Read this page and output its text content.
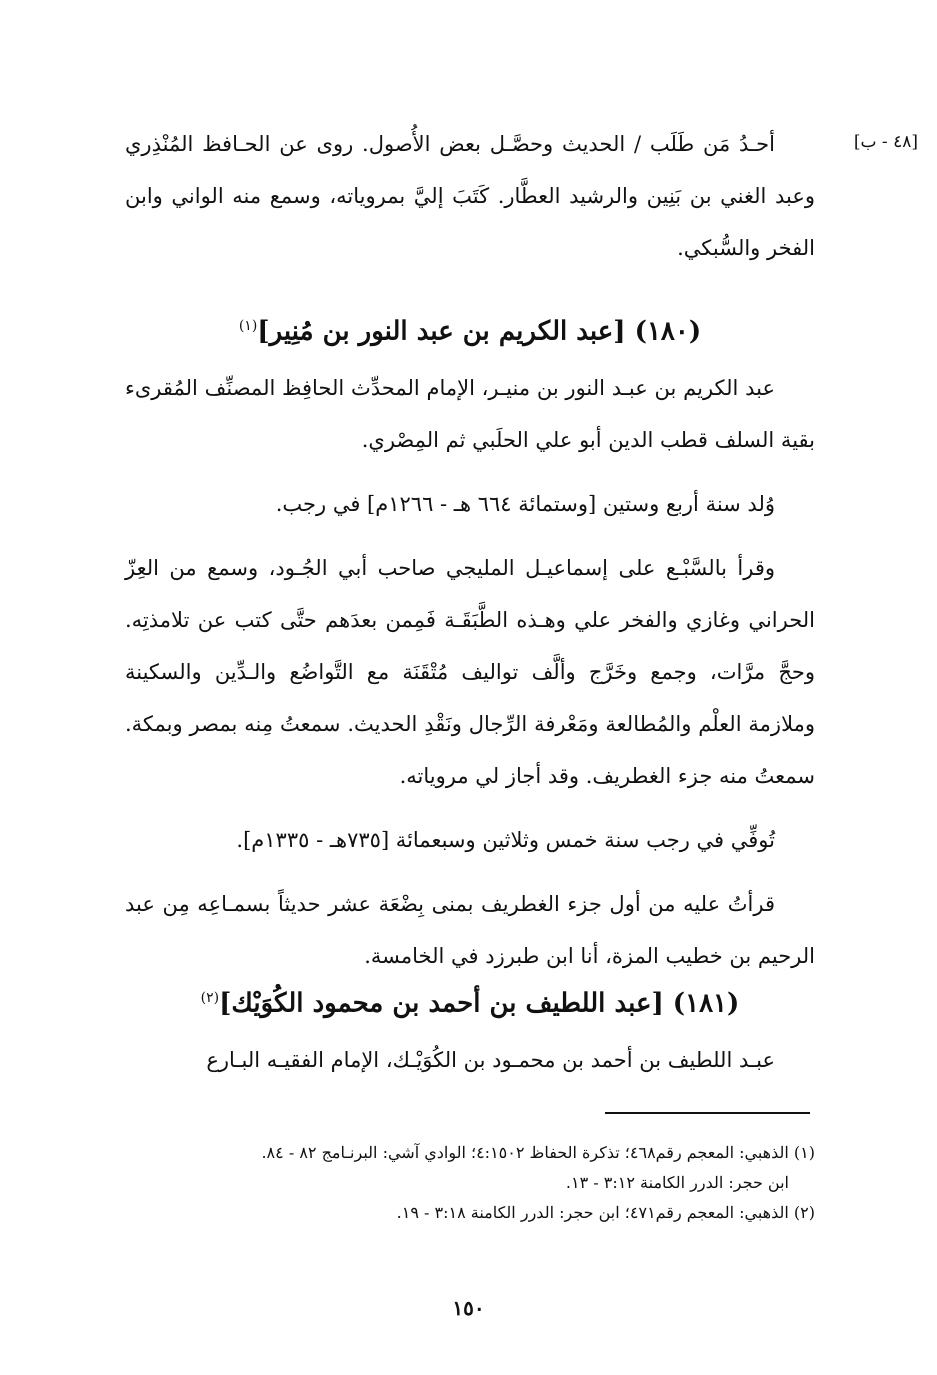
[٤٨ - ب]

أحـدُ مَن طَلَب / الحديث وحصَّـل بعض الأُصول. روى عن الحـافظ المُنْذِري وعبد الغني بن بَنِين والرشيد العطَّار. كَتَبَ إليَّ بمروياته، وسمع منه الواني وابن الفخر والسُّبكي.

(١٨٠) [عبد الكريم بن عبد النور بن مُنِير]$^{(١)}$

عبد الكريم بن عبـد النور بن منيـر، الإمام المحدِّث الحافِظ المصنِّف المُقرىء بقية السلف قطب الدين أبو علي الحلَبي ثم المِصْري.

وُلد سنة أربع وستين [وستمائة ٦٦٤ هـ - ١٢٦٦م] في رجب.

وقرأ بالسَّبْـع على إسماعيـل المليجي صاحب أبي الجُـود، وسمع من العِزّ الحراني وغازي والفخر علي وهـذه الطَّبَقَـة فَمِمن بعدَهم حتَّى كتب عن تلامذتِه. وحجَّ مرَّات، وجمع وخَرَّج وألَّف تواليف مُتْقَنَة مع التَّواضُع والـدِّين والسكينة وملازمة العلْم والمُطالعة ومَعْرفة الرِّجال ونَقْدِ الحديث. سمعتُ مِنه بمصر وبمكة. سمعتُ منه جزء الغطريف. وقد أجاز لي مروياته.

تُوفِّي في رجب سنة خمس وثلاثين وسبعمائة [٧٣٥هـ - ١٣٣٥م].

قرأتُ عليه من أول جزء الغطريف بمنى بِضْعَة عشر حديثاً بسمـاعِه مِن عبد الرحيم بن خطيب المزة، أنا ابن طبرزد في الخامسة.

(١٨١) [عبد اللطيف بن أحمد بن محمود الكُوَيْك]$^{(٢)}$

عبـد اللطيف بن أحمد بن محمـود بن الكُوَيْـك، الإمام الفقيـه البـارع

(١) الذهبي: المعجم رقم٤٦٨؛ تذكرة الحفاظ ٤:١٥٠٢؛ الوادي آشي: البرنـامج ٨٢ - ٨٤.
ابن حجر: الدرر الكامنة ٣:١٢ - ١٣.

(٢) الذهبي: المعجم رقم٤٧١؛ ابن حجر: الدرر الكامنة ٣:١٨ - ١٩.

١٥٠
